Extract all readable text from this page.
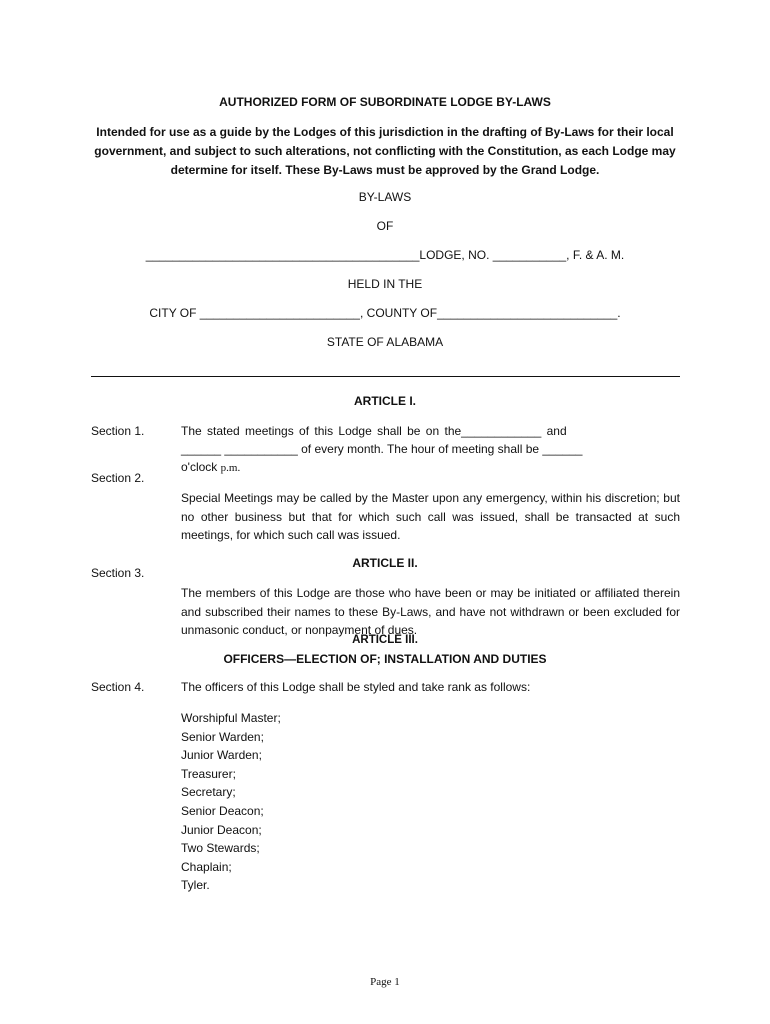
AUTHORIZED FORM OF SUBORDINATE LODGE BY-LAWS
Intended for use as a guide by the Lodges of this jurisdiction in the drafting of By-Laws for their local government, and subject to such alterations, not conflicting with the Constitution, as each Lodge may determine for itself. These By-Laws must be approved by the Grand Lodge.
BY-LAWS
OF
_________________________________________LODGE, NO. ___________, F. & A. M.
HELD IN THE
CITY OF ________________________, COUNTY OF___________________________.
STATE OF ALABAMA
ARTICLE I.
Section 1.	The stated meetings of this Lodge shall be on the____________ and
______ ___________ of every month. The hour of meeting shall be ______
o'clock p.m.
Section 2.
Special Meetings may be called by the Master upon any emergency, within his discretion; but no other business but that for which such call was issued, shall be transacted at such meetings, for which such call was issued.
ARTICLE II.
Section 3.
The members of this Lodge are those who have been or may be initiated or affiliated therein and subscribed their names to these By-Laws, and have not withdrawn or been excluded for unmasonic conduct, or nonpayment of dues.
ARTICLE III.
OFFICERS—ELECTION OF; INSTALLATION AND DUTIES
Section 4.	The officers of this Lodge shall be styled and take rank as follows:
Worshipful Master;
Senior Warden;
Junior Warden;
Treasurer;
Secretary;
Senior Deacon;
Junior Deacon;
Two Stewards;
Chaplain;
Tyler.
Page 1
